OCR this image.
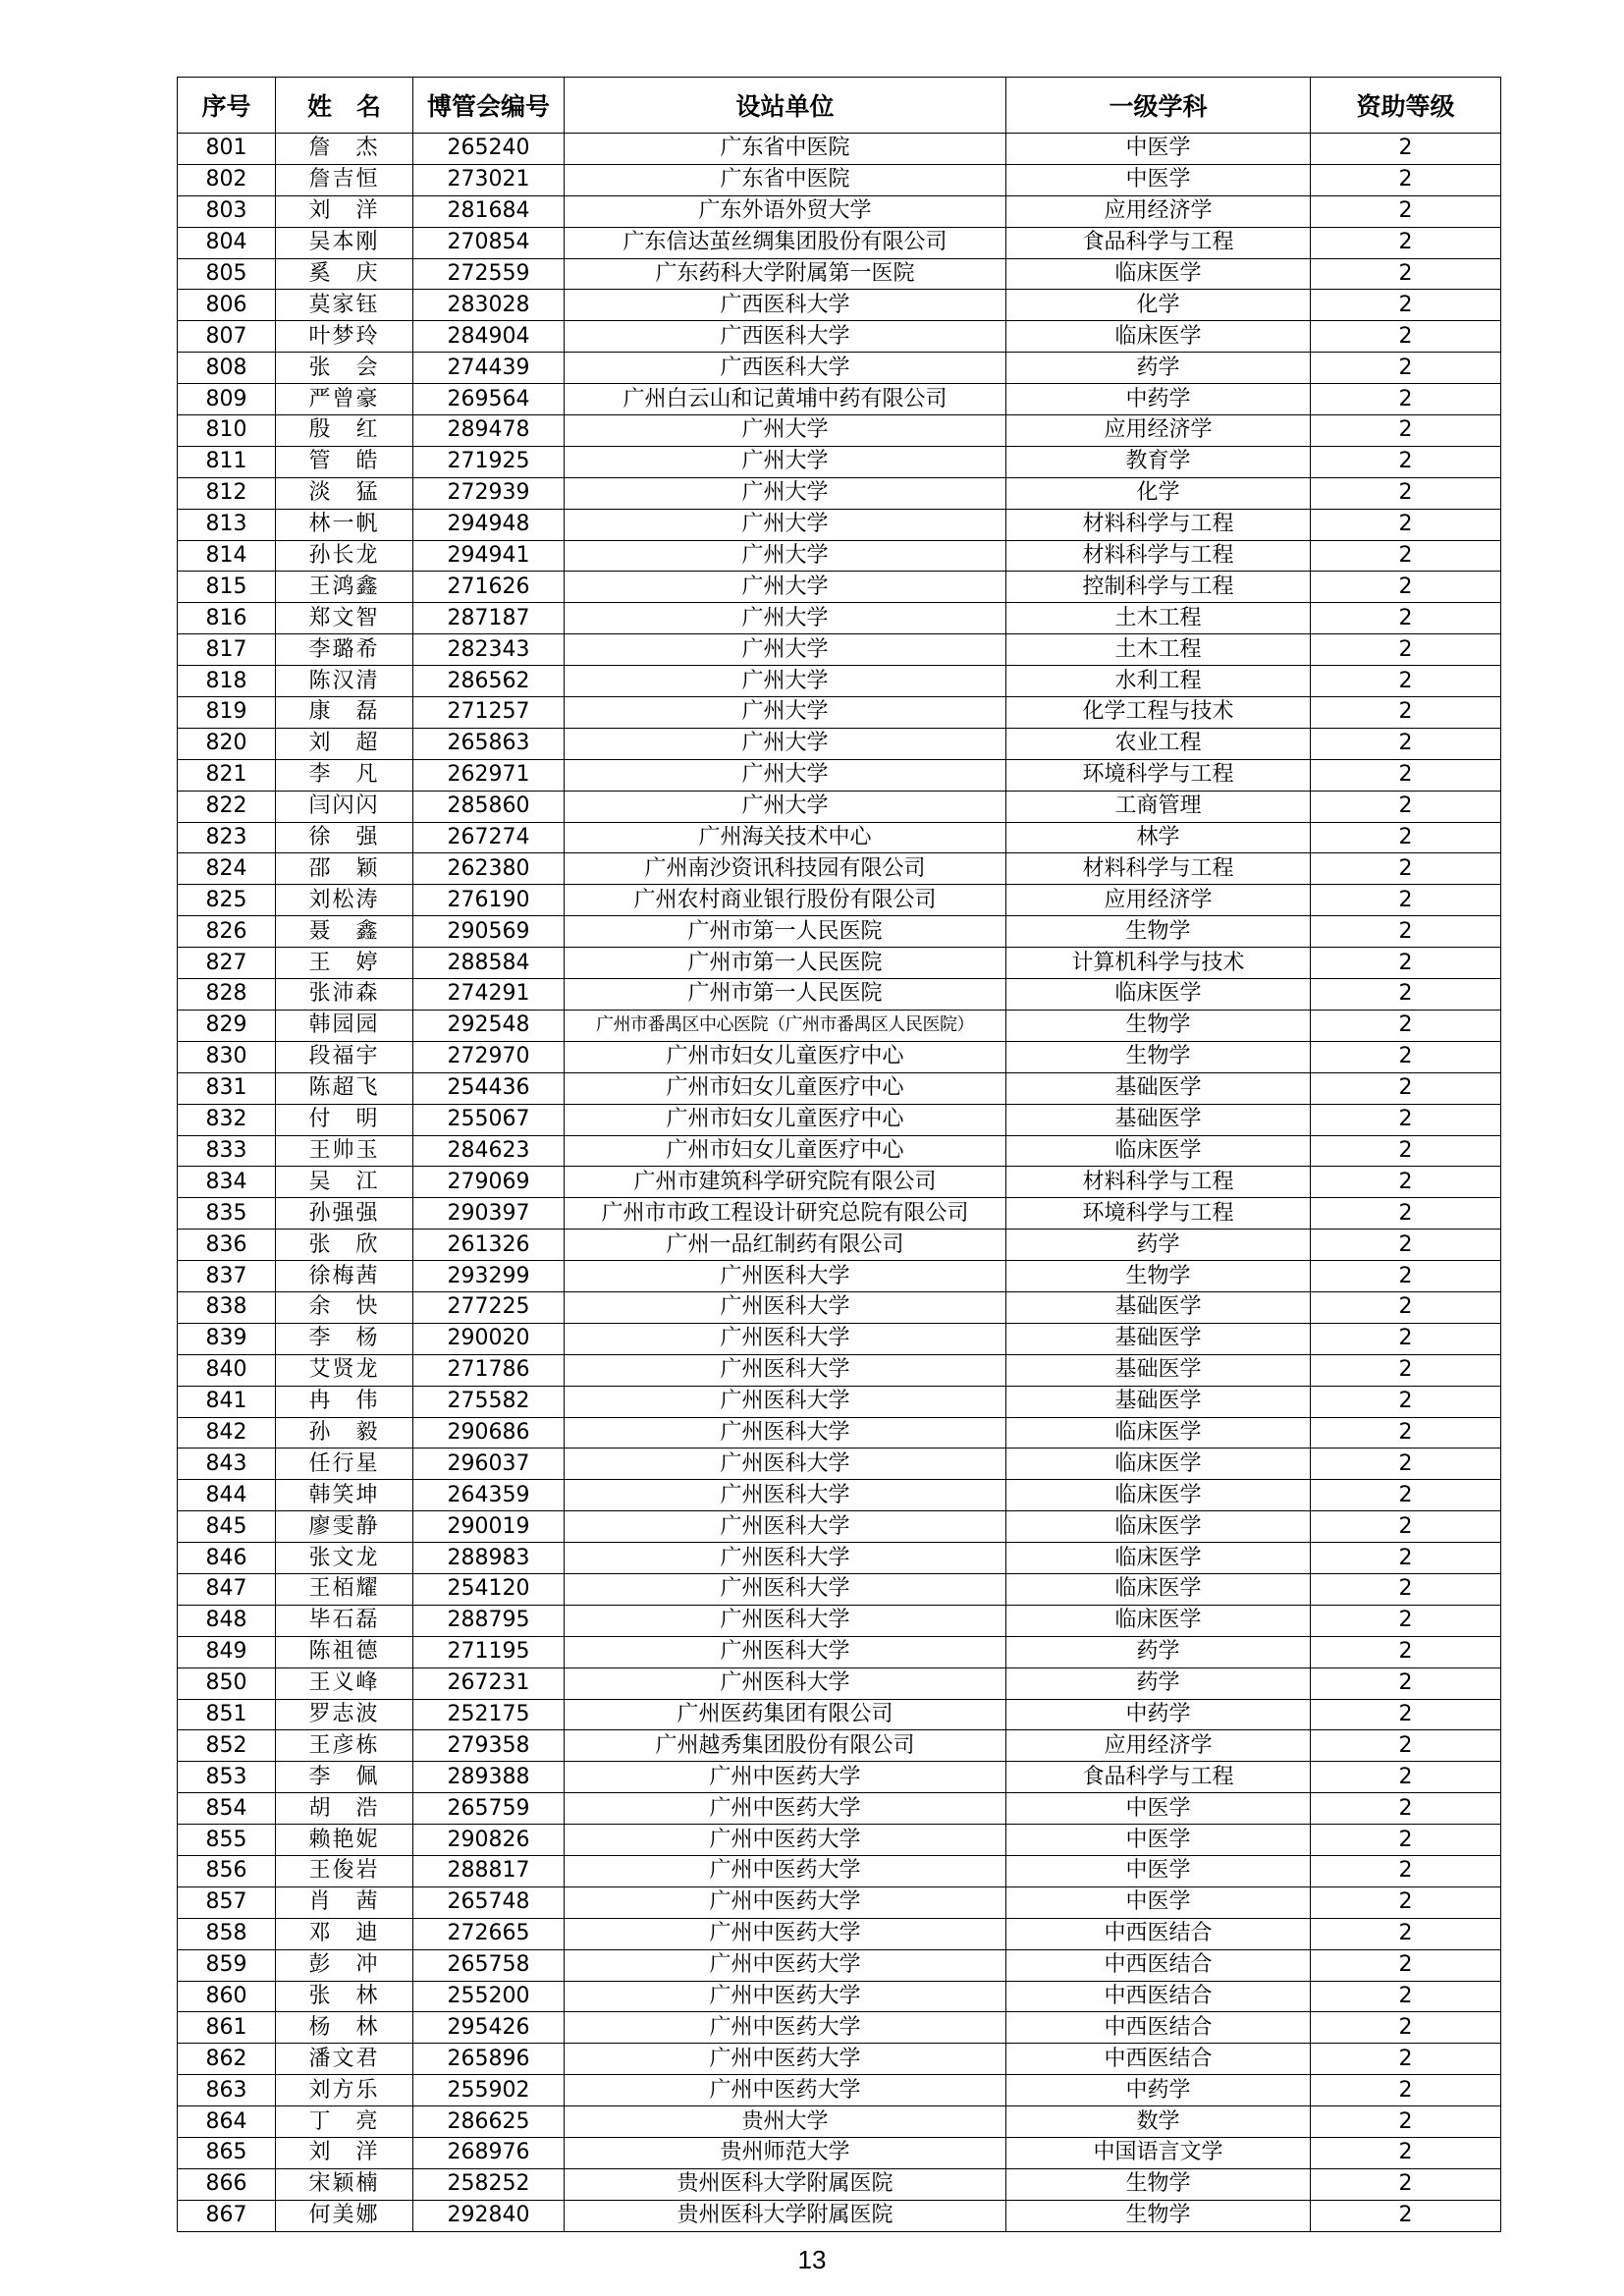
序号	姓　名	博管会编号	设站单位	一级学科	资助等级
801	詹　杰	265240	广东省中医院	中医学	2
802	詹吉恒	273021	广东省中医院	中医学	2
803	刘　洋	281684	广东外语外贸大学	应用经济学	2
804	吴本刚	270854	广东信达茧丝绸集团股份有限公司	食品科学与工程	2
805	奚　庆	272559	广东药科大学附属第一医院	临床医学	2
806	莫家钰	283028	广西医科大学	化学	2
807	叶梦玲	284904	广西医科大学	临床医学	2
808	张　会	274439	广西医科大学	药学	2
809	严曾豪	269564	广州白云山和记黄埔中药有限公司	中药学	2
810	殷　红	289478	广州大学	应用经济学	2
811	管　皓	271925	广州大学	教育学	2
812	淡　猛	272939	广州大学	化学	2
813	林一帆	294948	广州大学	材料科学与工程	2
814	孙长龙	294941	广州大学	材料科学与工程	2
815	王鸿鑫	271626	广州大学	控制科学与工程	2
816	郑文智	287187	广州大学	土木工程	2
817	李璐希	282343	广州大学	土木工程	2
818	陈汉清	286562	广州大学	水利工程	2
819	康　磊	271257	广州大学	化学工程与技术	2
820	刘　超	265863	广州大学	农业工程	2
821	李　凡	262971	广州大学	环境科学与工程	2
822	闫闪闪	285860	广州大学	工商管理	2
823	徐　强	267274	广州海关技术中心	林学	2
824	邵　颖	262380	广州南沙资讯科技园有限公司	材料科学与工程	2
825	刘松涛	276190	广州农村商业银行股份有限公司	应用经济学	2
826	聂　鑫	290569	广州市第一人民医院	生物学	2
827	王　婷	288584	广州市第一人民医院	计算机科学与技术	2
828	张沛森	274291	广州市第一人民医院	临床医学	2
829	韩园园	292548	广州市番禺区中心医院（广州市番禺区人民医院）	生物学	2
830	段福宇	272970	广州市妇女儿童医疗中心	生物学	2
831	陈超飞	254436	广州市妇女儿童医疗中心	基础医学	2
832	付　明	255067	广州市妇女儿童医疗中心	基础医学	2
833	王帅玉	284623	广州市妇女儿童医疗中心	临床医学	2
834	吴　江	279069	广州市建筑科学研究院有限公司	材料科学与工程	2
835	孙强强	290397	广州市市政工程设计研究总院有限公司	环境科学与工程	2
836	张　欣	261326	广州一品红制药有限公司	药学	2
837	徐梅茜	293299	广州医科大学	生物学	2
838	余　快	277225	广州医科大学	基础医学	2
839	李　杨	290020	广州医科大学	基础医学	2
840	艾贤龙	271786	广州医科大学	基础医学	2
841	冉　伟	275582	广州医科大学	基础医学	2
842	孙　毅	290686	广州医科大学	临床医学	2
843	任行星	296037	广州医科大学	临床医学	2
844	韩笑坤	264359	广州医科大学	临床医学	2
845	廖雯静	290019	广州医科大学	临床医学	2
846	张文龙	288983	广州医科大学	临床医学	2
847	王栢耀	254120	广州医科大学	临床医学	2
848	毕石磊	288795	广州医科大学	临床医学	2
849	陈祖德	271195	广州医科大学	药学	2
850	王义峰	267231	广州医科大学	药学	2
851	罗志波	252175	广州医药集团有限公司	中药学	2
852	王彦栋	279358	广州越秀集团股份有限公司	应用经济学	2
853	李　佩	289388	广州中医药大学	食品科学与工程	2
854	胡　浩	265759	广州中医药大学	中医学	2
855	赖艳妮	290826	广州中医药大学	中医学	2
856	王俊岩	288817	广州中医药大学	中医学	2
857	肖　茜	265748	广州中医药大学	中医学	2
858	邓　迪	272665	广州中医药大学	中西医结合	2
859	彭　冲	265758	广州中医药大学	中西医结合	2
860	张　林	255200	广州中医药大学	中西医结合	2
861	杨　林	295426	广州中医药大学	中西医结合	2
862	潘文君	265896	广州中医药大学	中西医结合	2
863	刘方乐	255902	广州中医药大学	中药学	2
864	丁　亮	286625	贵州大学	数学	2
865	刘　洋	268976	贵州师范大学	中国语言文学	2
866	宋颖楠	258252	贵州医科大学附属医院	生物学	2
867	何美娜	292840	贵州医科大学附属医院	生物学	2
13
